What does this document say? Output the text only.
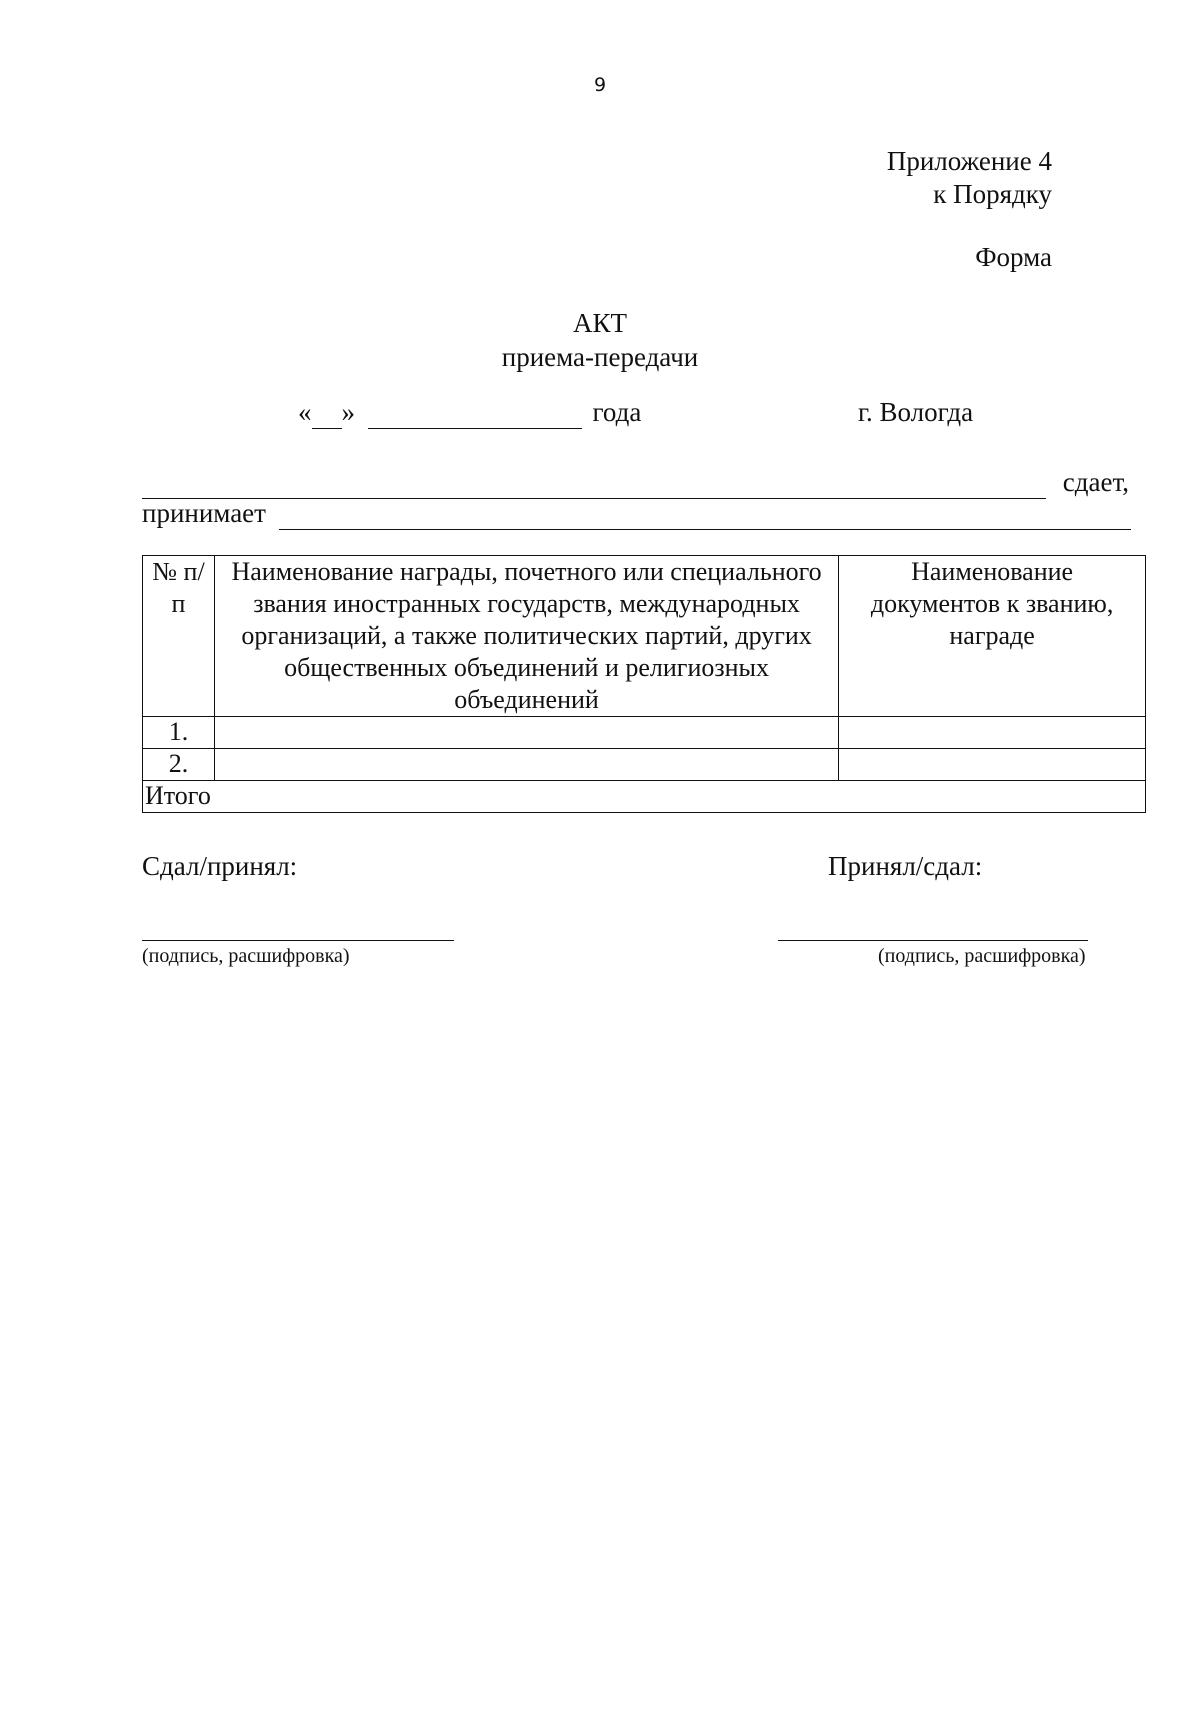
9
Приложение 4
к Порядку
Форма
АКТ
приема-передачи
« »	года	г. Вологда
сдает,
принимает
№ п/п	Наименование награды, почетного или специального звания иностранных государств, международных организаций, а также политических партий, других общественных объединений и религиозных объединений	Наименование документов к званию, награде
1.		
2.		
Итого		
Сдал/принял:	Принял/сдал:
(подпись, расшифровка)	(подпись, расшифровка)
